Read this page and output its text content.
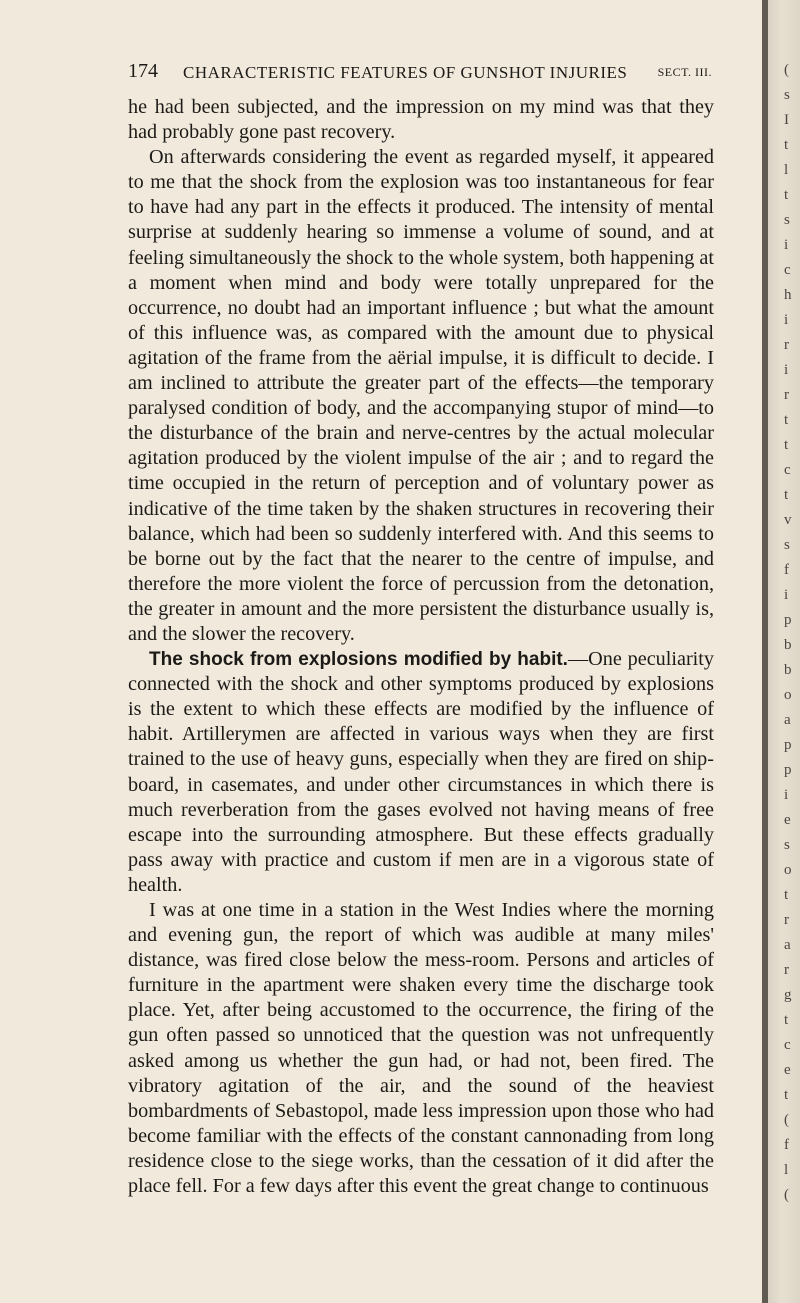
174 CHARACTERISTIC FEATURES OF GUNSHOT INJURIES	SECT. III.

he had been subjected, and the impression on my mind was that they had probably gone past recovery.

On afterwards considering the event as regarded myself, it appeared to me that the shock from the explosion was too instantaneous for fear to have had any part in the effects it produced. The intensity of mental surprise at suddenly hearing so immense a volume of sound, and at feeling simultaneously the shock to the whole system, both happening at a moment when mind and body were totally unprepared for the occurrence, no doubt had an important influence ; but what the amount of this influence was, as compared with the amount due to physical agitation of the frame from the aërial impulse, it is difficult to decide. I am inclined to attribute the greater part of the effects—the temporary paralysed condition of body, and the accompanying stupor of mind—to the disturbance of the brain and nerve-centres by the actual molecular agitation produced by the violent impulse of the air ; and to regard the time occupied in the return of perception and of voluntary power as indicative of the time taken by the shaken structures in recovering their balance, which had been so suddenly interfered with. And this seems to be borne out by the fact that the nearer to the centre of impulse, and therefore the more violent the force of percussion from the detonation, the greater in amount and the more persistent the disturbance usually is, and the slower the recovery.

The shock from explosions modified by habit.—One peculiarity connected with the shock and other symptoms produced by explosions is the extent to which these effects are modified by the influence of habit. Artillerymen are affected in various ways when they are first trained to the use of heavy guns, especially when they are fired on ship-board, in casemates, and under other circumstances in which there is much reverberation from the gases evolved not having means of free escape into the surrounding atmosphere. But these effects gradually pass away with practice and custom if men are in a vigorous state of health.

I was at one time in a station in the West Indies where the morning and evening gun, the report of which was audible at many miles' distance, was fired close below the mess-room. Persons and articles of furniture in the apartment were shaken every time the discharge took place. Yet, after being accustomed to the occurrence, the firing of the gun often passed so unnoticed that the question was not unfrequently asked among us whether the gun had, or had not, been fired. The vibratory agitation of the air, and the sound of the heaviest bombardments of Sebastopol, made less impression upon those who had become familiar with the effects of the constant cannonading from long residence close to the siege works, than the cessation of it did after the place fell. For a few days after this event the great change to continuous

(
s
I
t
l
t
s
i
c
h
i
r
i
r
t
t
c
t
v
s
f
i
p
b
b
o
a
p
p
i
e
s
o
t
r
a
r
g
t
c
e
t
(
f
l
(
